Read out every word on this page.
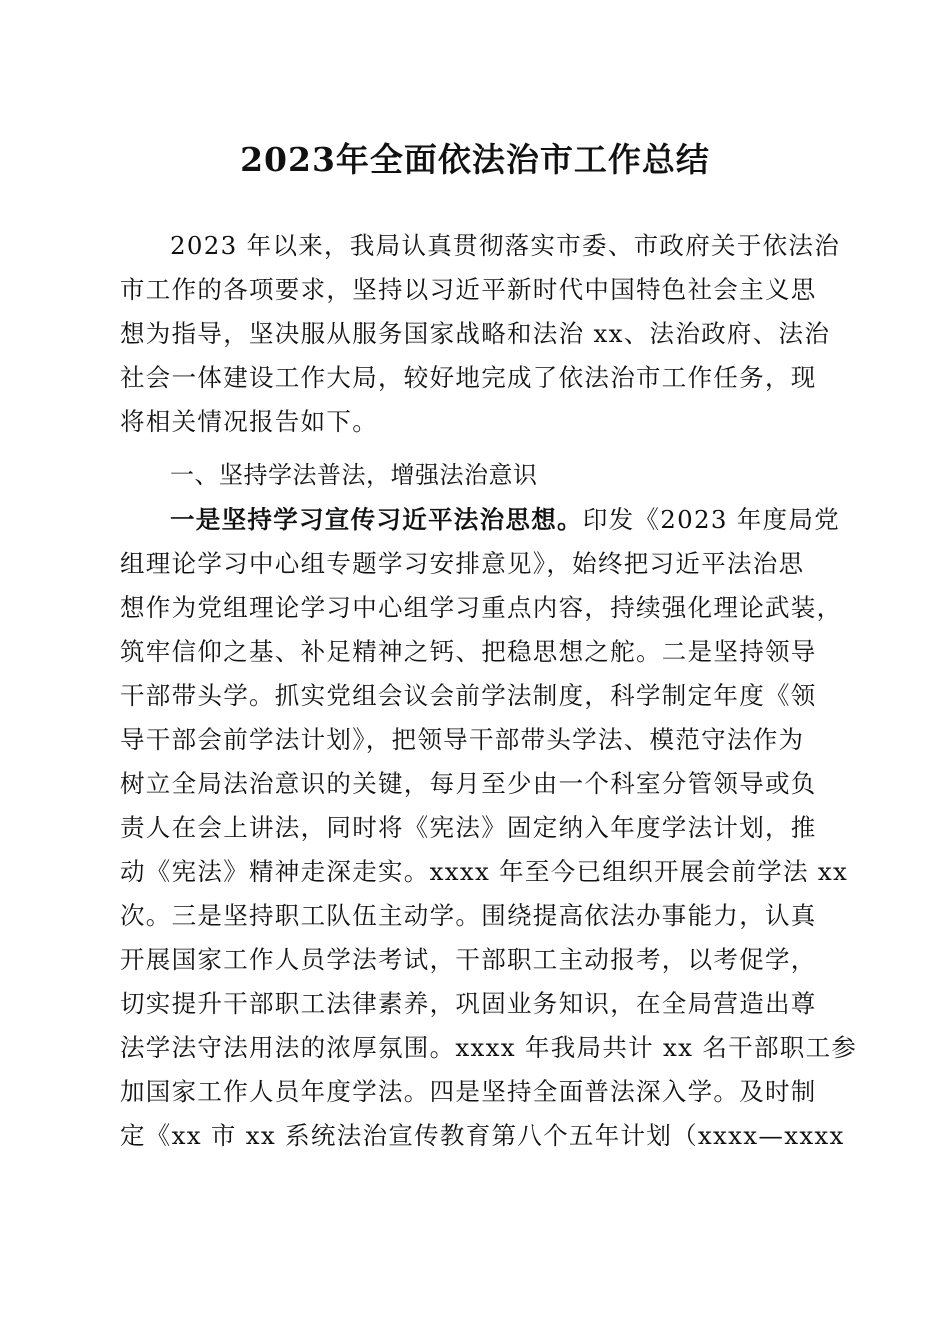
2023年全面依法治市工作总结
2023 年以来，我局认真贯彻落实市委、市政府关于依法治
市工作的各项要求，坚持以习近平新时代中国特色社会主义思
想为指导，坚决服从服务国家战略和法治 xx、法治政府、法治
社会一体建设工作大局，较好地完成了依法治市工作任务，现
将相关情况报告如下。
一、坚持学法普法，增强法治意识
一是坚持学习宣传习近平法治思想。印发《2023 年度局党
组理论学习中心组专题学习安排意见》，始终把习近平法治思
想作为党组理论学习中心组学习重点内容，持续强化理论武装，
筑牢信仰之基、补足精神之钙、把稳思想之舵。二是坚持领导
干部带头学。抓实党组会议会前学法制度，科学制定年度《领
导干部会前学法计划》，把领导干部带头学法、模范守法作为
树立全局法治意识的关键，每月至少由一个科室分管领导或负
责人在会上讲法，同时将《宪法》固定纳入年度学法计划，推
动《宪法》精神走深走实。xxxx 年至今已组织开展会前学法 xx
次。三是坚持职工队伍主动学。围绕提高依法办事能力，认真
开展国家工作人员学法考试，干部职工主动报考，以考促学，
切实提升干部职工法律素养，巩固业务知识，在全局营造出尊
法学法守法用法的浓厚氛围。xxxx 年我局共计 xx 名干部职工参
加国家工作人员年度学法。四是坚持全面普法深入学。及时制
定《xx 市 xx 系统法治宣传教育第八个五年计划（xxxx—xxxx
